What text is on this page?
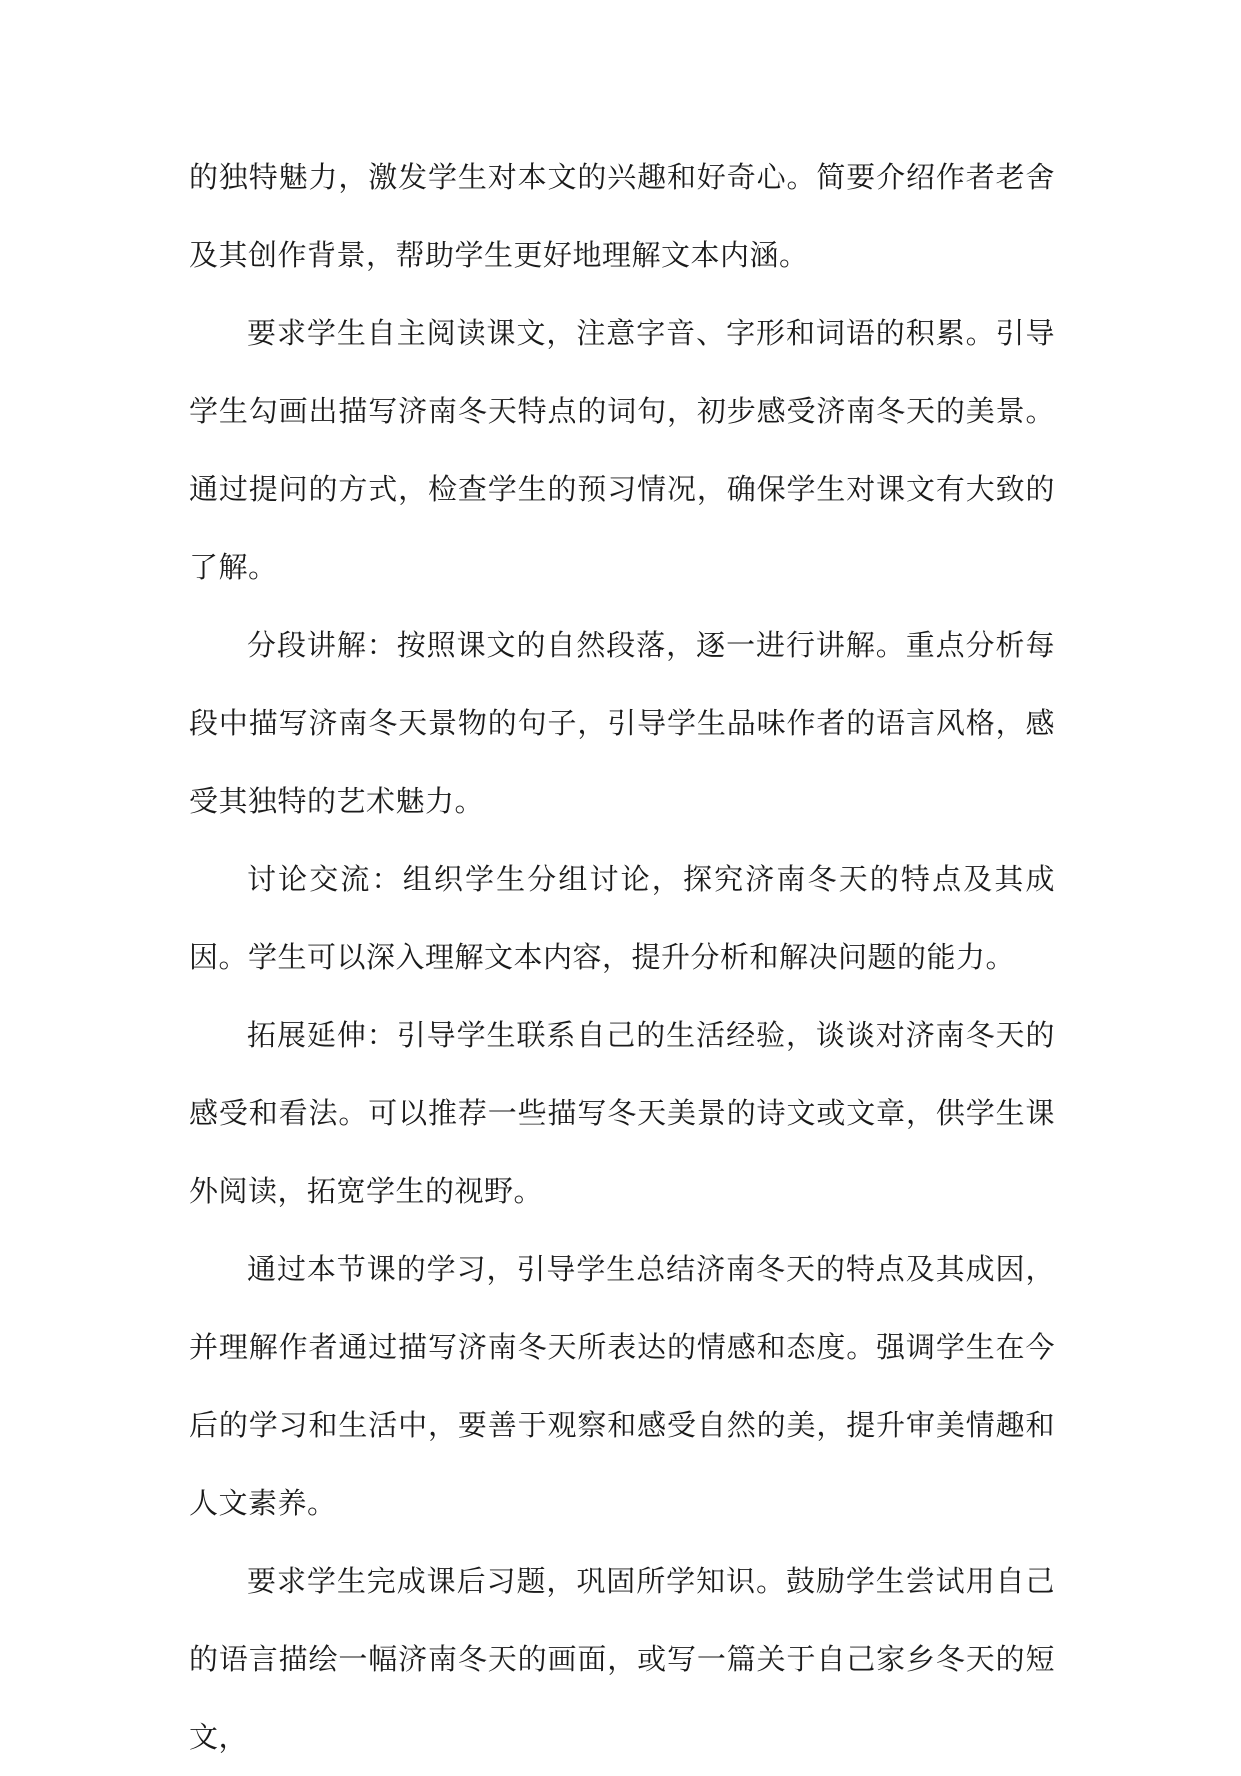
的独特魅力，激发学生对本文的兴趣和好奇心。简要介绍作者老舍及其创作背景，帮助学生更好地理解文本内涵。

要求学生自主阅读课文，注意字音、字形和词语的积累。引导学生勾画出描写济南冬天特点的词句，初步感受济南冬天的美景。通过提问的方式，检查学生的预习情况，确保学生对课文有大致的了解。

分段讲解：按照课文的自然段落，逐一进行讲解。重点分析每段中描写济南冬天景物的句子，引导学生品味作者的语言风格，感受其独特的艺术魅力。

讨论交流：组织学生分组讨论，探究济南冬天的特点及其成因。学生可以深入理解文本内容，提升分析和解决问题的能力。

拓展延伸：引导学生联系自己的生活经验，谈谈对济南冬天的感受和看法。可以推荐一些描写冬天美景的诗文或文章，供学生课外阅读，拓宽学生的视野。

通过本节课的学习，引导学生总结济南冬天的特点及其成因，并理解作者通过描写济南冬天所表达的情感和态度。强调学生在今后的学习和生活中，要善于观察和感受自然的美，提升审美情趣和人文素养。

要求学生完成课后习题，巩固所学知识。鼓励学生尝试用自己的语言描绘一幅济南冬天的画面，或写一篇关于自己家乡冬天的短文，
